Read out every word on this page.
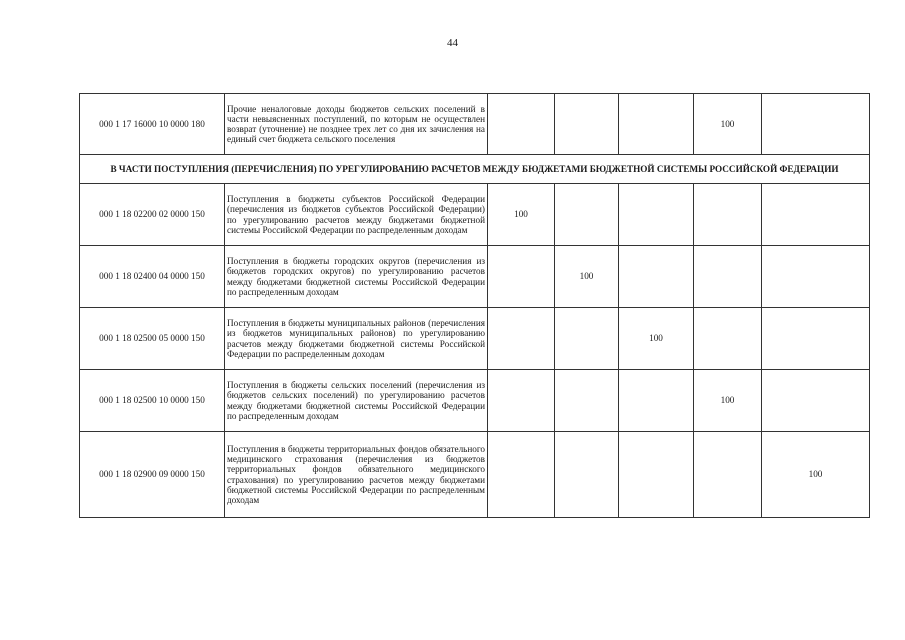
44
000 1 17 16000 10 0000 180	Прочие неналоговые доходы бюджетов сельских поселений в части невыясненных поступлений, по которым не осуществлен возврат (уточнение) не позднее трех лет со дня их зачисления на единый счет бюджета сельского поселения				100	
В ЧАСТИ ПОСТУПЛЕНИЯ (ПЕРЕЧИСЛЕНИЯ) ПО УРЕГУЛИРОВАНИЮ РАСЧЕТОВ МЕЖДУ БЮДЖЕТАМИ БЮДЖЕТНОЙ СИСТЕМЫ РОССИЙСКОЙ ФЕДЕРАЦИИ						
000 1 18 02200 02 0000 150	Поступления в бюджеты субъектов Российской Федерации (перечисления из бюджетов субъектов Российской Федерации) по урегулированию расчетов между бюджетами бюджетной системы Российской Федерации по распределенным доходам	100				
000 1 18 02400 04 0000 150	Поступления в бюджеты городских округов (перечисления из бюджетов городских округов) по урегулированию расчетов между бюджетами бюджетной системы Российской Федерации по распределенным доходам		100			
000 1 18 02500 05 0000 150	Поступления в бюджеты муниципальных районов (перечисления из бюджетов муниципальных районов) по урегулированию расчетов между бюджетами бюджетной системы Российской Федерации по распределенным доходам			100		
000 1 18 02500 10 0000 150	Поступления в бюджеты сельских поселений (перечисления из бюджетов сельских поселений) по урегулированию расчетов между бюджетами бюджетной системы Российской Федерации по распределенным доходам				100	
000 1 18 02900 09 0000 150	Поступления в бюджеты территориальных фондов обязательного медицинского страхования (перечисления из бюджетов территориальных фондов обязательного медицинского страхования) по урегулированию расчетов между бюджетами бюджетной системы Российской Федерации по распределенным доходам					100
